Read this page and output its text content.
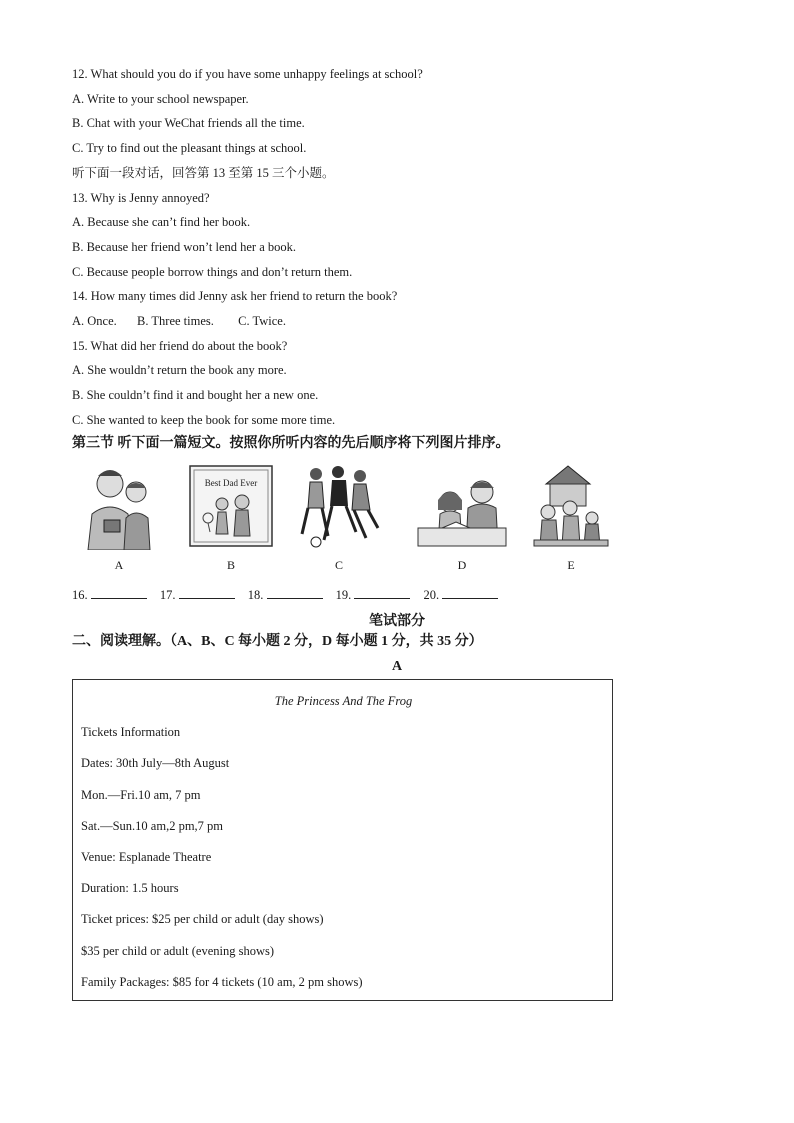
12. What should you do if you have some unhappy feelings at school?
A. Write to your school newspaper.
B. Chat with your WeChat friends all the time.
C. Try to find out the pleasant things at school.
听下面一段对话，回答第 13 至第 15 三个小题。
13. Why is Jenny annoyed?
A. Because she can’t find her book.
B. Because her friend won’t lend her a book.
C. Because people borrow things and don’t return them.
14. How many times did Jenny ask her friend to return the book?
A. Once. B. Three times. C. Twice.
15. What did her friend do about the book?
A. She wouldn’t return the book any more.
B. She couldn’t find it and bought her a new one.
C. She wanted to keep the book for some more time.
第三节 听下面一篇短文。按照你所听内容的先后顺序将下列图片排序。
A
Best Dad Ever
B	C	D	E
16.	17.	18.	19.	20.
笔试部分
二、阅读理解。（A、B、C 每小题 2 分，D 每小题 1 分，共 35 分）
A
The Princess And The Frog
Tickets Information
Dates: 30th July—8th August
Mon.—Fri.10 am, 7 pm
Sat.—Sun.10 am,2 pm,7 pm
Venue: Esplanade Theatre
Duration: 1.5 hours
Ticket prices: $25 per child or adult (day shows)
$35 per child or adult (evening shows)
Family Packages: $85 for 4 tickets (10 am, 2 pm shows)
